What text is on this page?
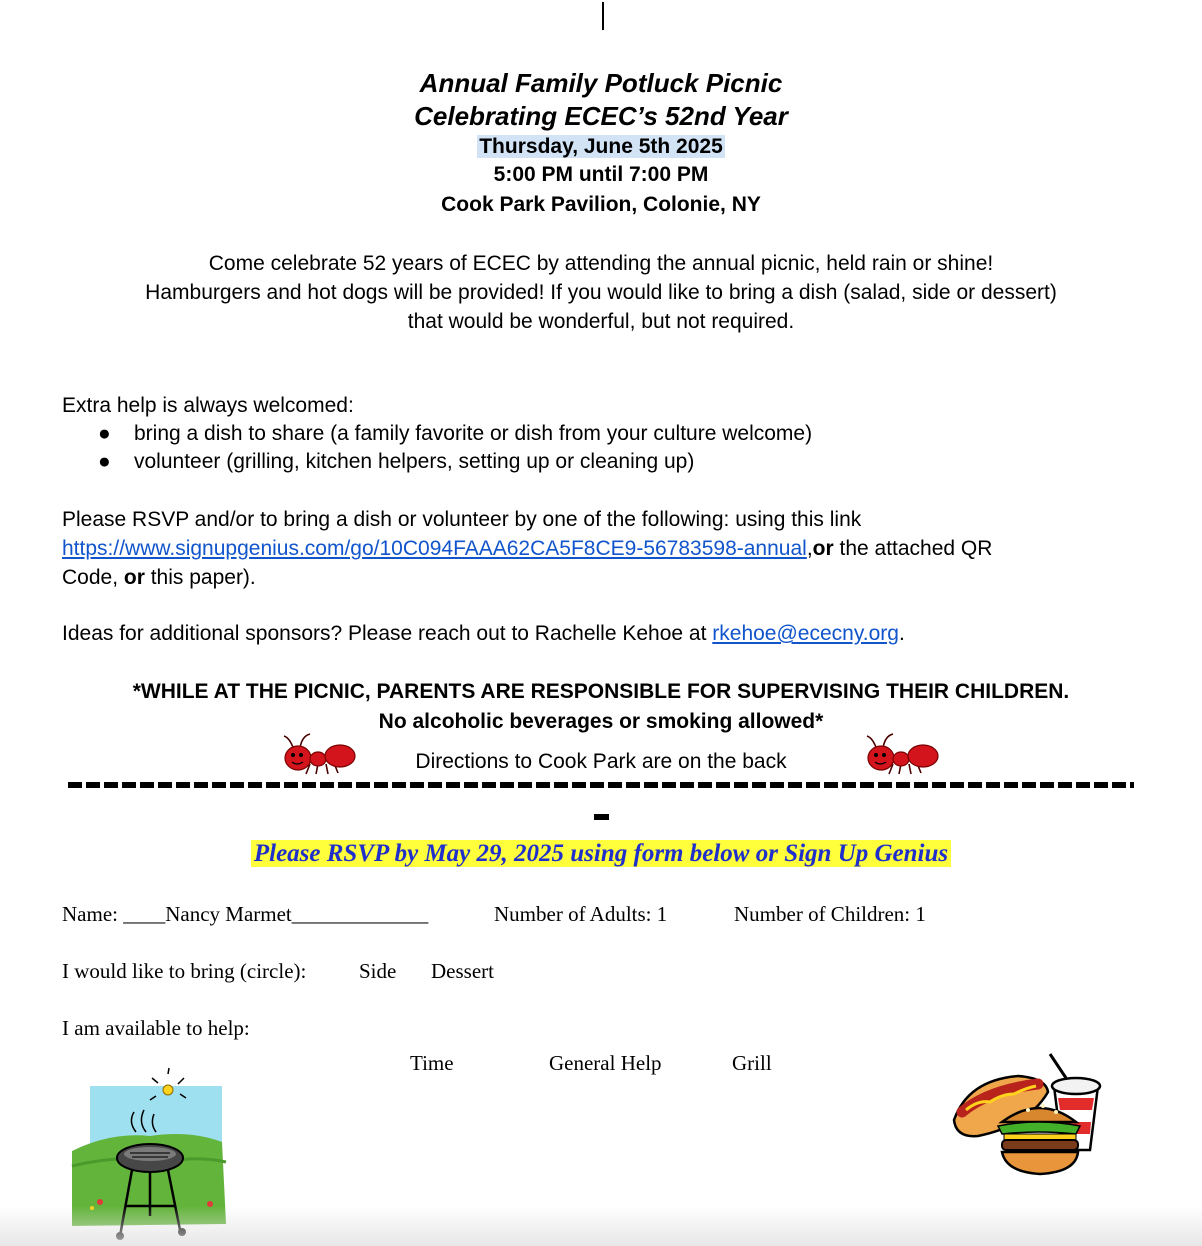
Annual Family Potluck Picnic
Celebrating ECEC’s 52nd Year
Thursday, June 5th 2025
5:00 PM until 7:00 PM
Cook Park Pavilion, Colonie, NY
Come celebrate 52 years of ECEC by attending the annual picnic, held rain or shine!
Hamburgers and hot dogs will be provided! If you would like to bring a dish (salad, side or dessert)
that would be wonderful, but not required.
Extra help is always welcomed:
● bring a dish to share (a family favorite or dish from your culture welcome)
● volunteer (grilling, kitchen helpers, setting up or cleaning up)
Please RSVP and/or to bring a dish or volunteer by one of the following: using this link
https://www.signupgenius.com/go/10C094FAAA62CA5F8CE9-56783598-annual,or the attached QR
Code, or this paper).
Ideas for additional sponsors? Please reach out to Rachelle Kehoe at rkehoe@ececny.org.
*WHILE AT THE PICNIC, PARENTS ARE RESPONSIBLE FOR SUPERVISING THEIR CHILDREN.
No alcoholic beverages or smoking allowed*
Directions to Cook Park are on the back
Please RSVP by May 29, 2025 using form below or Sign Up Genius
Name: ____Nancy Marmet_____________	Number of Adults: 1	Number of Children: 1
I would like to bring (circle):	Side Dessert
I am available to help:
Time	General Help	Grill
